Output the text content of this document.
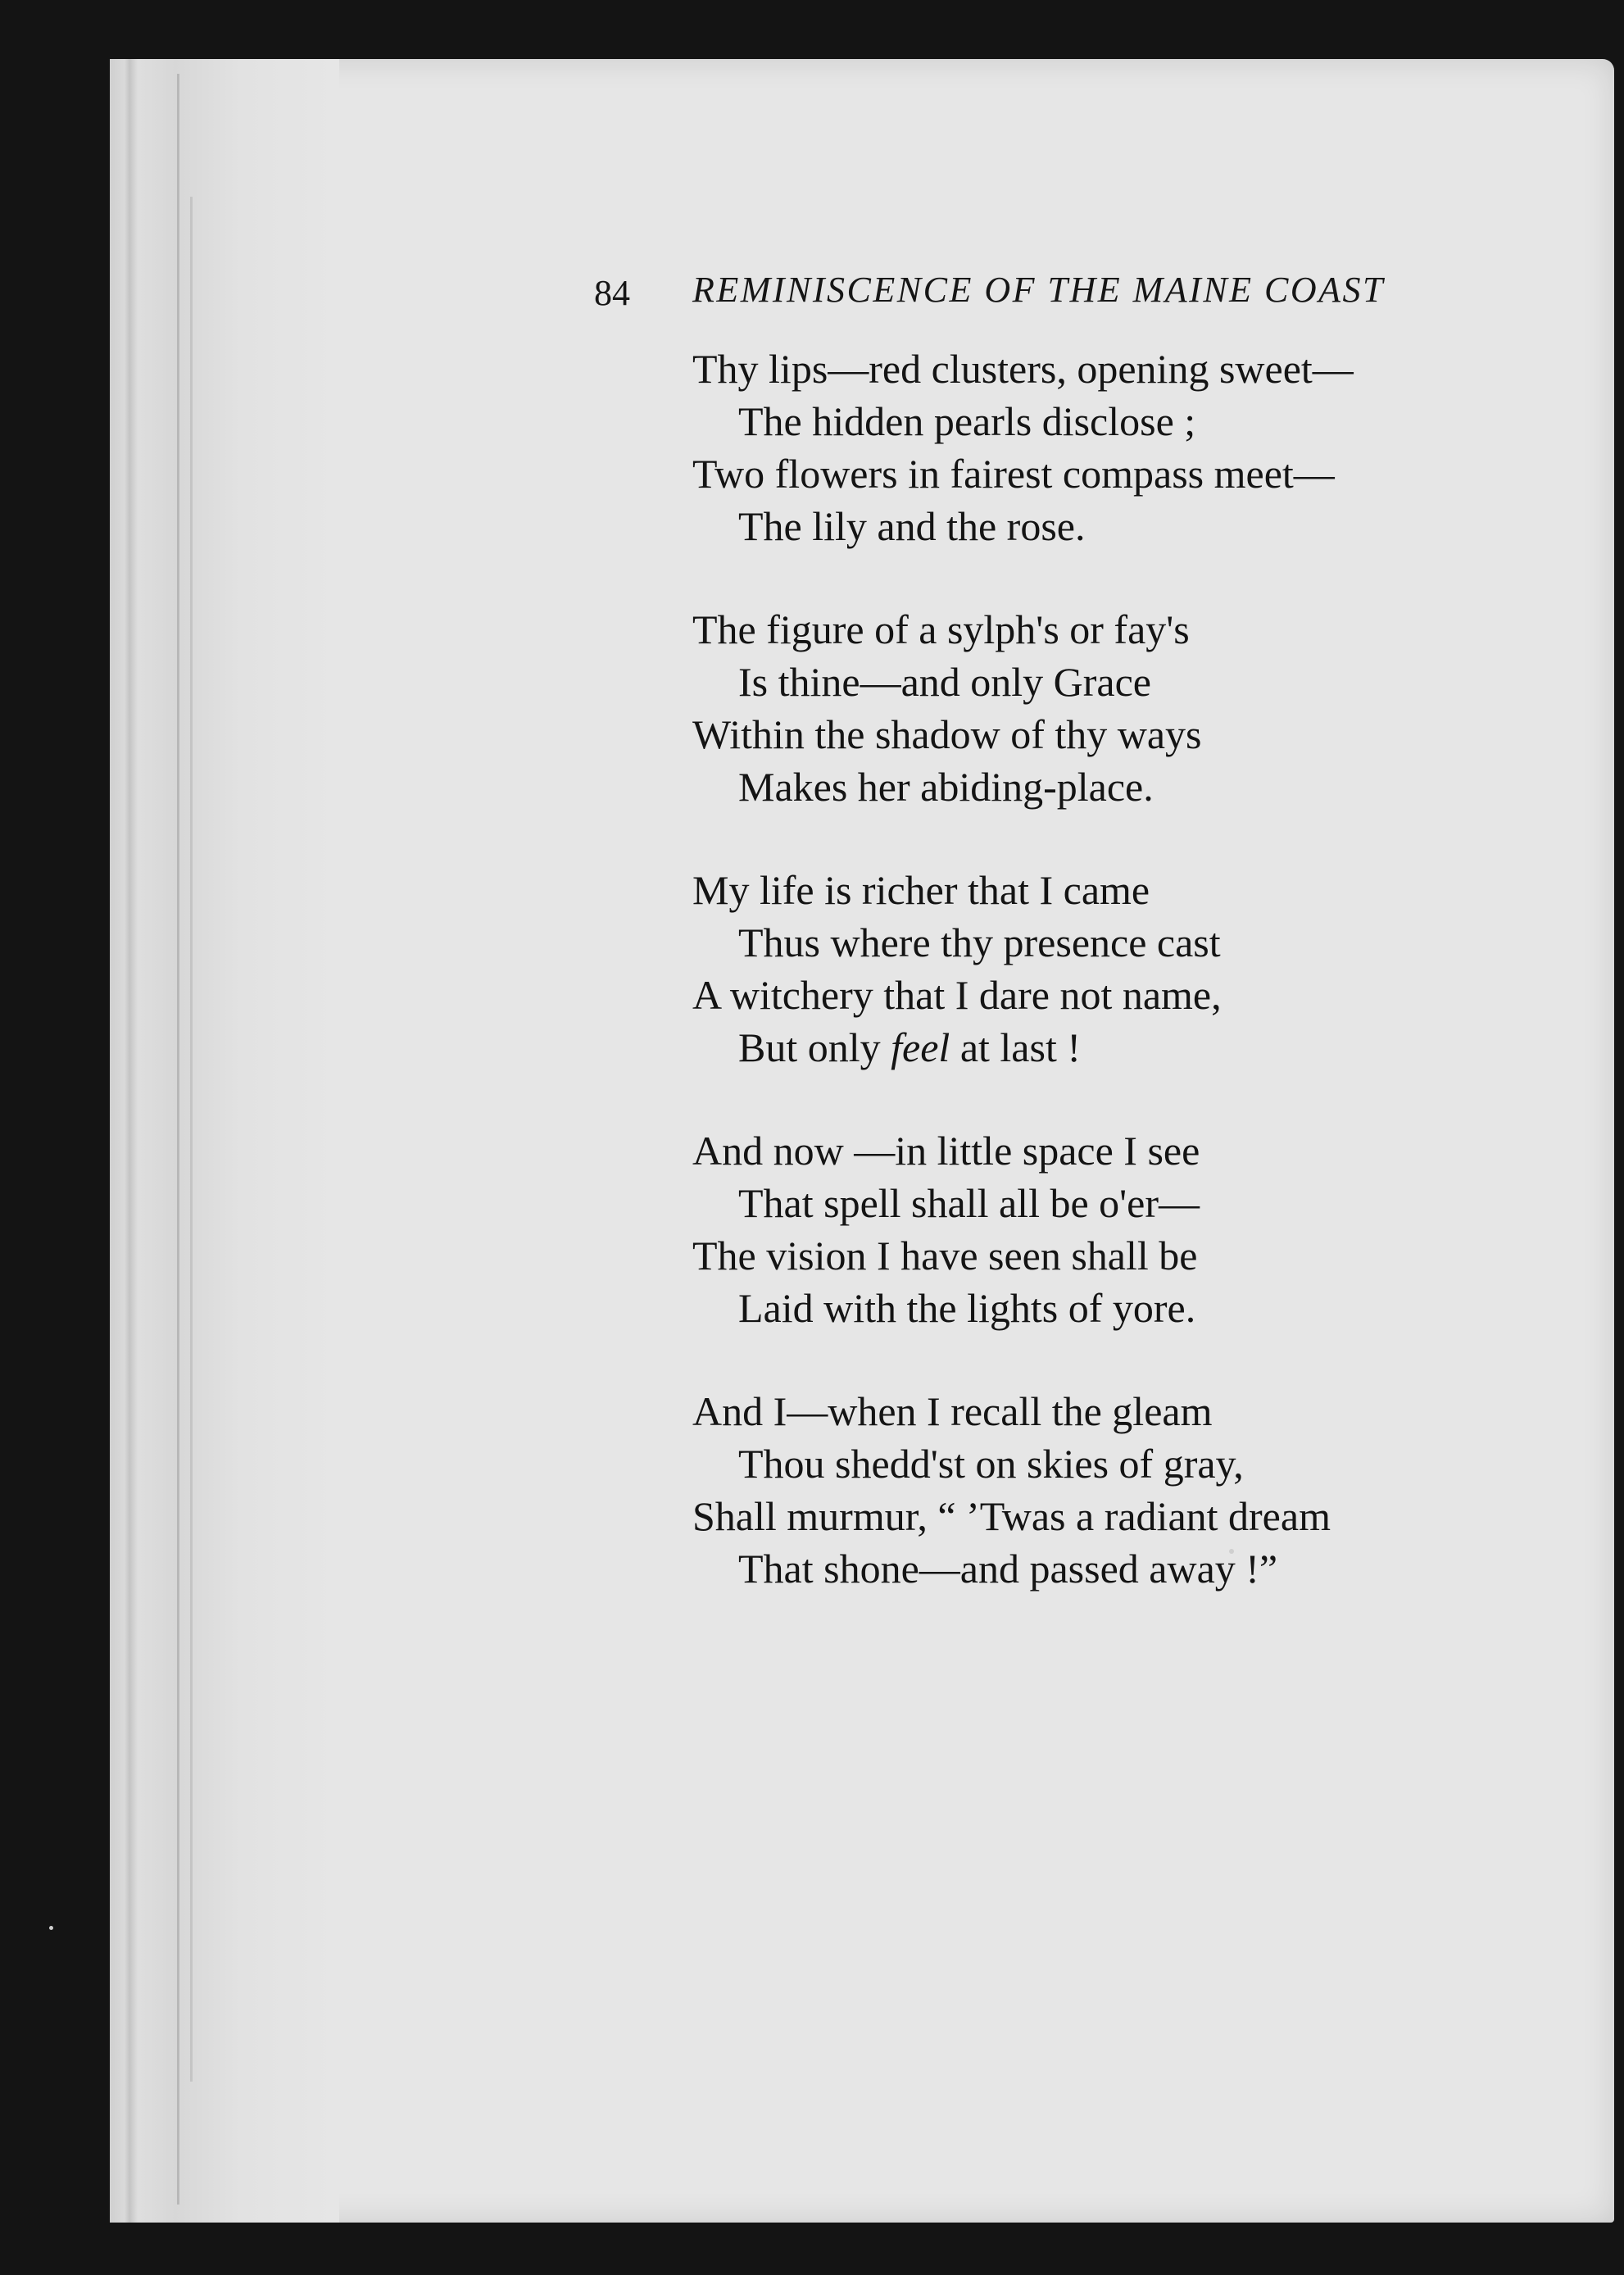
84 REMINISCENCE OF THE MAINE COAST
Thy lips—red clusters, opening sweet—
The hidden pearls disclose ;
Two flowers in fairest compass meet—
The lily and the rose.
The figure of a sylph's or fay's
Is thine—and only Grace
Within the shadow of thy ways
Makes her abiding-place.
My life is richer that I came
Thus where thy presence cast
A witchery that I dare not name,
But only feel at last !
And now —in little space I see
That spell shall all be o'er—
The vision I have seen shall be
Laid with the lights of yore.
And I—when I recall the gleam
Thou shedd'st on skies of gray,
Shall murmur, “ ’Twas a radiant dream
That shone—and passed away !”
